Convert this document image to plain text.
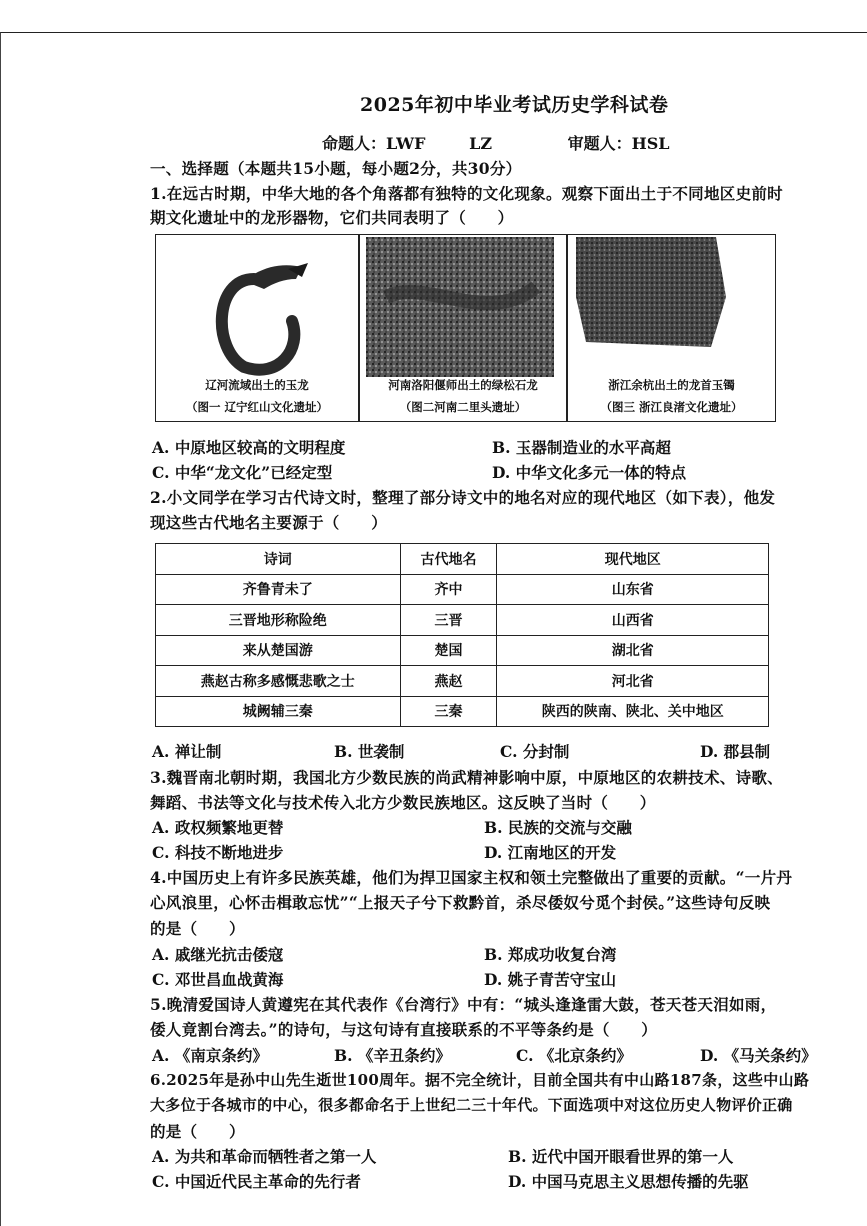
2025年初中毕业考试历史学科试卷
命题人：LWF	LZ	审题人：HSL
一、选择题（本题共15小题，每小题2分，共30分）
1.在远古时期，中华大地的各个角落都有独特的文化现象。观察下面出土于不同地区史前时
期文化遗址中的龙形器物，它们共同表明了（　　）
辽河流域出土的玉龙
（图一 辽宁红山文化遗址）
河南洛阳偃师出土的绿松石龙
（图二河南二里头遗址）
浙江余杭出土的龙首玉镯
（图三 浙江良渚文化遗址）
A. 中原地区较高的文明程度	B. 玉器制造业的水平高超
C. 中华“龙文化”已经定型	D. 中华文化多元一体的特点
2.小文同学在学习古代诗文时，整理了部分诗文中的地名对应的现代地区（如下表），他发
现这些古代地名主要源于（　　）
诗词	古代地名	现代地区
齐鲁青未了	齐中	山东省
三晋地形称险绝	三晋	山西省
来从楚国游	楚国	湖北省
燕赵古称多感慨悲歌之士	燕赵	河北省
城阙辅三秦	三秦	陕西的陕南、陕北、关中地区
A. 禅让制	B. 世袭制	C. 分封制	D. 郡县制
3.魏晋南北朝时期，我国北方少数民族的尚武精神影响中原，中原地区的农耕技术、诗歌、
舞蹈、书法等文化与技术传入北方少数民族地区。这反映了当时（　　）
A. 政权频繁地更替	B. 民族的交流与交融
C. 科技不断地进步	D. 江南地区的开发
4.中国历史上有许多民族英雄，他们为捍卫国家主权和领土完整做出了重要的贡献。“一片丹
心风浪里，心怀击楫敢忘忧”“上报天子兮下救黔首，杀尽倭奴兮觅个封侯。”这些诗句反映
的是（　　）
A. 戚继光抗击倭寇	B. 郑成功收复台湾
C. 邓世昌血战黄海	D. 姚子青苦守宝山
5.晚清爱国诗人黄遵宪在其代表作《台湾行》中有：“城头逢逢雷大鼓，苍天苍天泪如雨，
倭人竟割台湾去。”的诗句，与这句诗有直接联系的不平等条约是（　　）
A. 《南京条约》	B. 《辛丑条约》	C. 《北京条约》	D. 《马关条约》
6.2025年是孙中山先生逝世100周年。据不完全统计，目前全国共有中山路187条，这些中山路
大多位于各城市的中心，很多都命名于上世纪二三十年代。下面选项中对这位历史人物评价正确
的是（　　）
A. 为共和革命而牺牲者之第一人	B. 近代中国开眼看世界的第一人
C. 中国近代民主革命的先行者	D. 中国马克思主义思想传播的先驱
